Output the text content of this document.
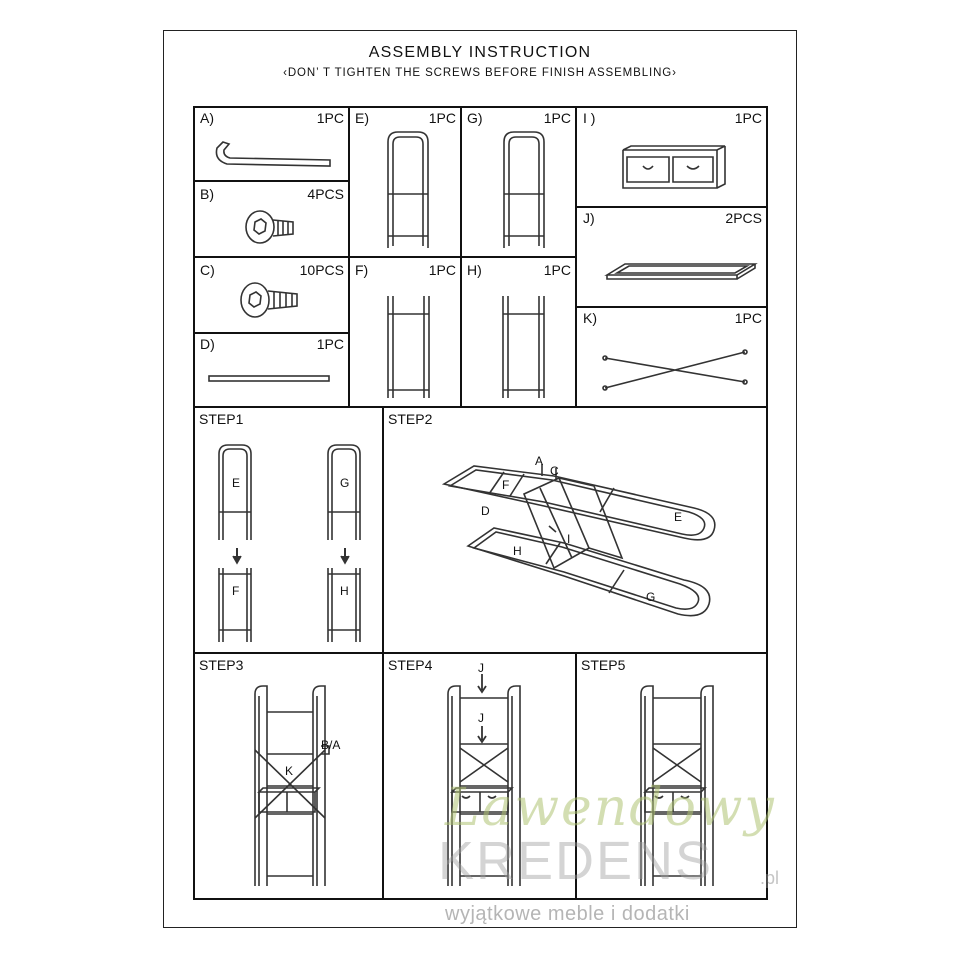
ASSEMBLY INSTRUCTION
‹DON’ T TIGHTEN THE SCREWS BEFORE FINISH ASSEMBLING›
A)	1PC
B)	4PCS
C)	10PCS
D)	1PC
E)	1PC G)	1PC
F)	1PC H)	1PC
I )	1PC
J)	2PCS
K)	1PC
STEP1
E	G
F	H
STEP2
A
C
F
E
D
H
I
G
STEP3
B/A
K
STEP4	J
J
STEP5
Lawendowy
KREDENS	.pl
wyjątkowe meble i dodatki
